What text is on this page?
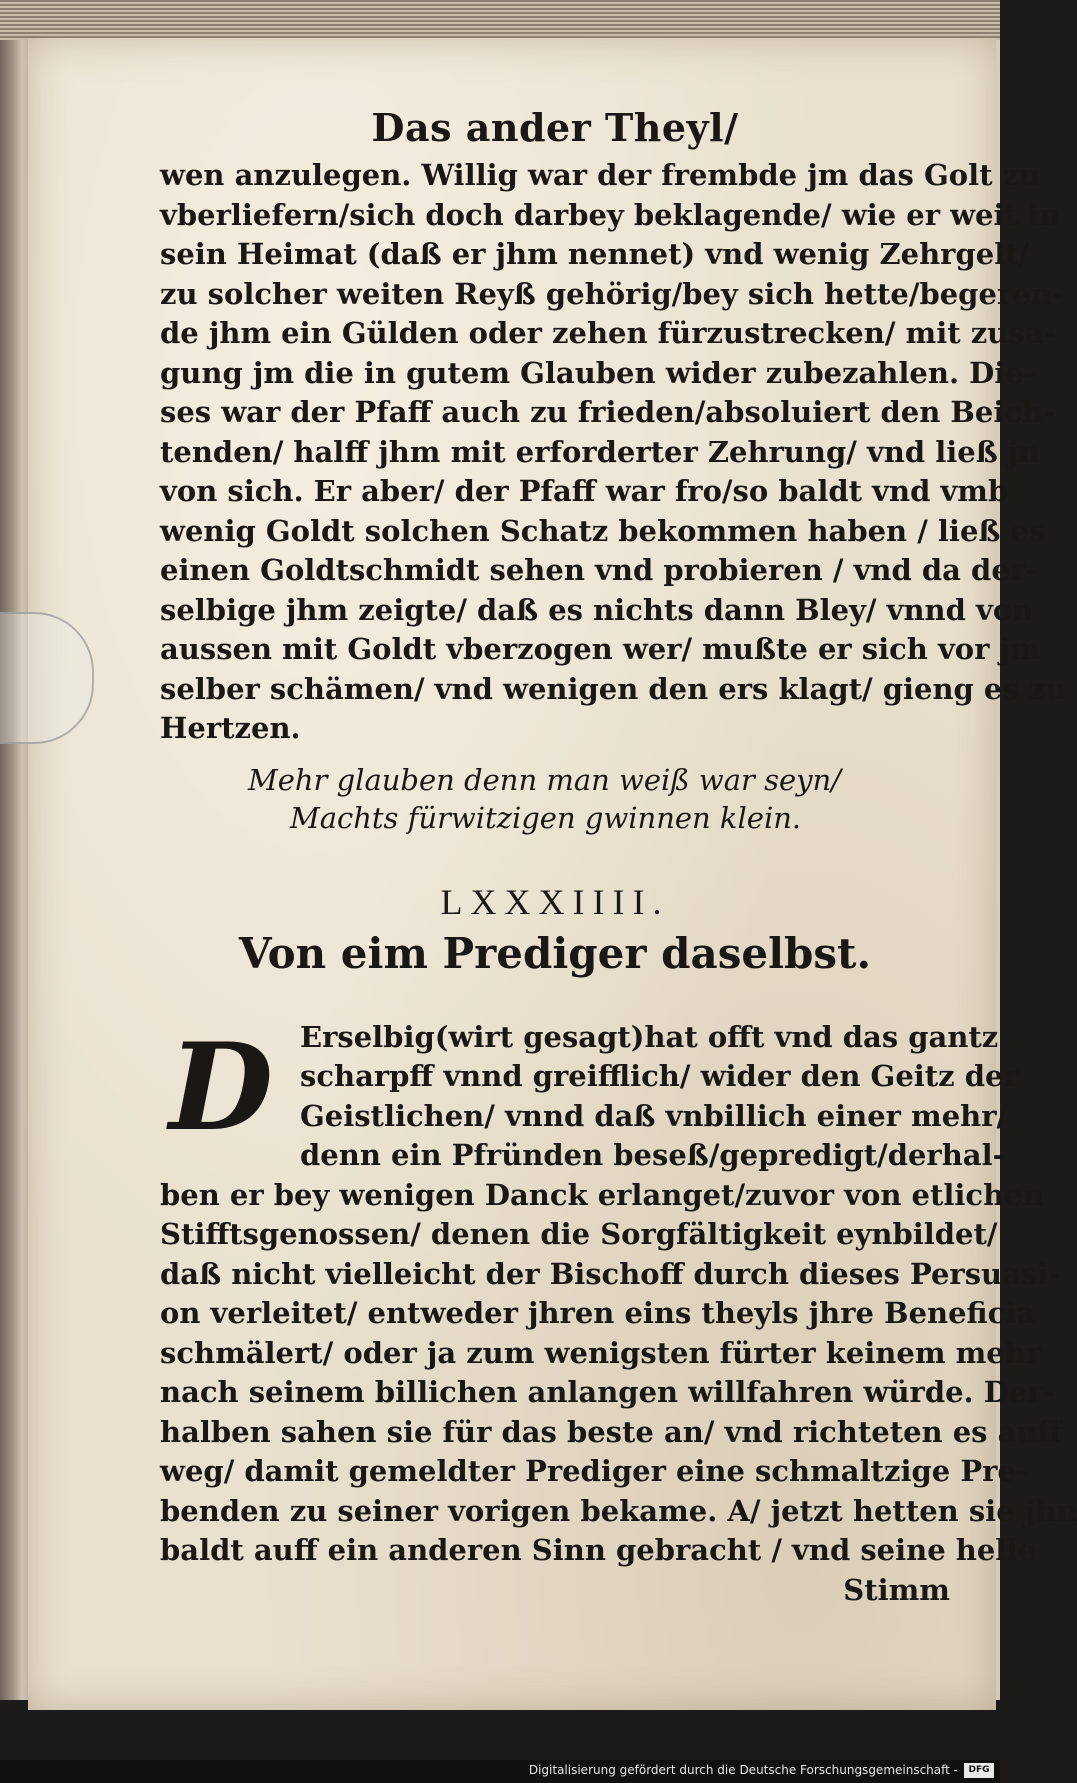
Das ander Theyl/
wen anzulegen. Willig war der frembde jm das Golt zu
vberliefern/sich doch darbey beklagende/ wie er weit in
sein Heimat (daß er jhm nennet) vnd wenig Zehrgelt/
zu solcher weiten Reyß gehörig/bey sich hette/begeren-
de jhm ein Gülden oder zehen fürzustrecken/ mit zusa-
gung jm die in gutem Glauben wider zubezahlen. Die-
ses war der Pfaff auch zu frieden/absoluiert den Beich-
tenden/ halff jhm mit erforderter Zehrung/ vnd ließ jn
von sich. Er aber/ der Pfaff war fro/so baldt vnd vmb
wenig Goldt solchen Schatz bekommen haben / ließ es
einen Goldtschmidt sehen vnd probieren / vnd da der-
selbige jhm zeigte/ daß es nichts dann Bley/ vnnd von
aussen mit Goldt vberzogen wer/ mußte er sich vor jm
selber schämen/ vnd wenigen den ers klagt/ gieng es zu
Hertzen.
Mehr glauben denn man weiß war seyn/
Machts fürwitzigen gwinnen klein.
LXXXIIII.
Von eim Prediger daselbst.
D Erselbig(wirt gesagt)hat offt vnd das gantz
scharpff vnnd greifflich/ wider den Geitz der
Geistlichen/ vnnd daß vnbillich einer mehr/
denn ein Pfründen beseß/gepredigt/derhal-
ben er bey wenigen Danck erlanget/zuvor von etlichen
Stifftsgenossen/ denen die Sorgfältigkeit eynbildet/
daß nicht vielleicht der Bischoff durch dieses Persuasi-
on verleitet/ entweder jhren eins theyls jhre Beneficia
schmälert/ oder ja zum wenigsten fürter keinem mehr
nach seinem billichen anlangen willfahren würde. Der-
halben sahen sie für das beste an/ vnd richteten es auff
weg/ damit gemeldter Prediger eine schmaltzige Pre-
benden zu seiner vorigen bekame. A/ jetzt hetten sie jhn
baldt auff ein anderen Sinn gebracht / vnd seine helle
Stimm
Digitalisierung gefördert durch die Deutsche Forschungsgemeinschaft -	DFG
